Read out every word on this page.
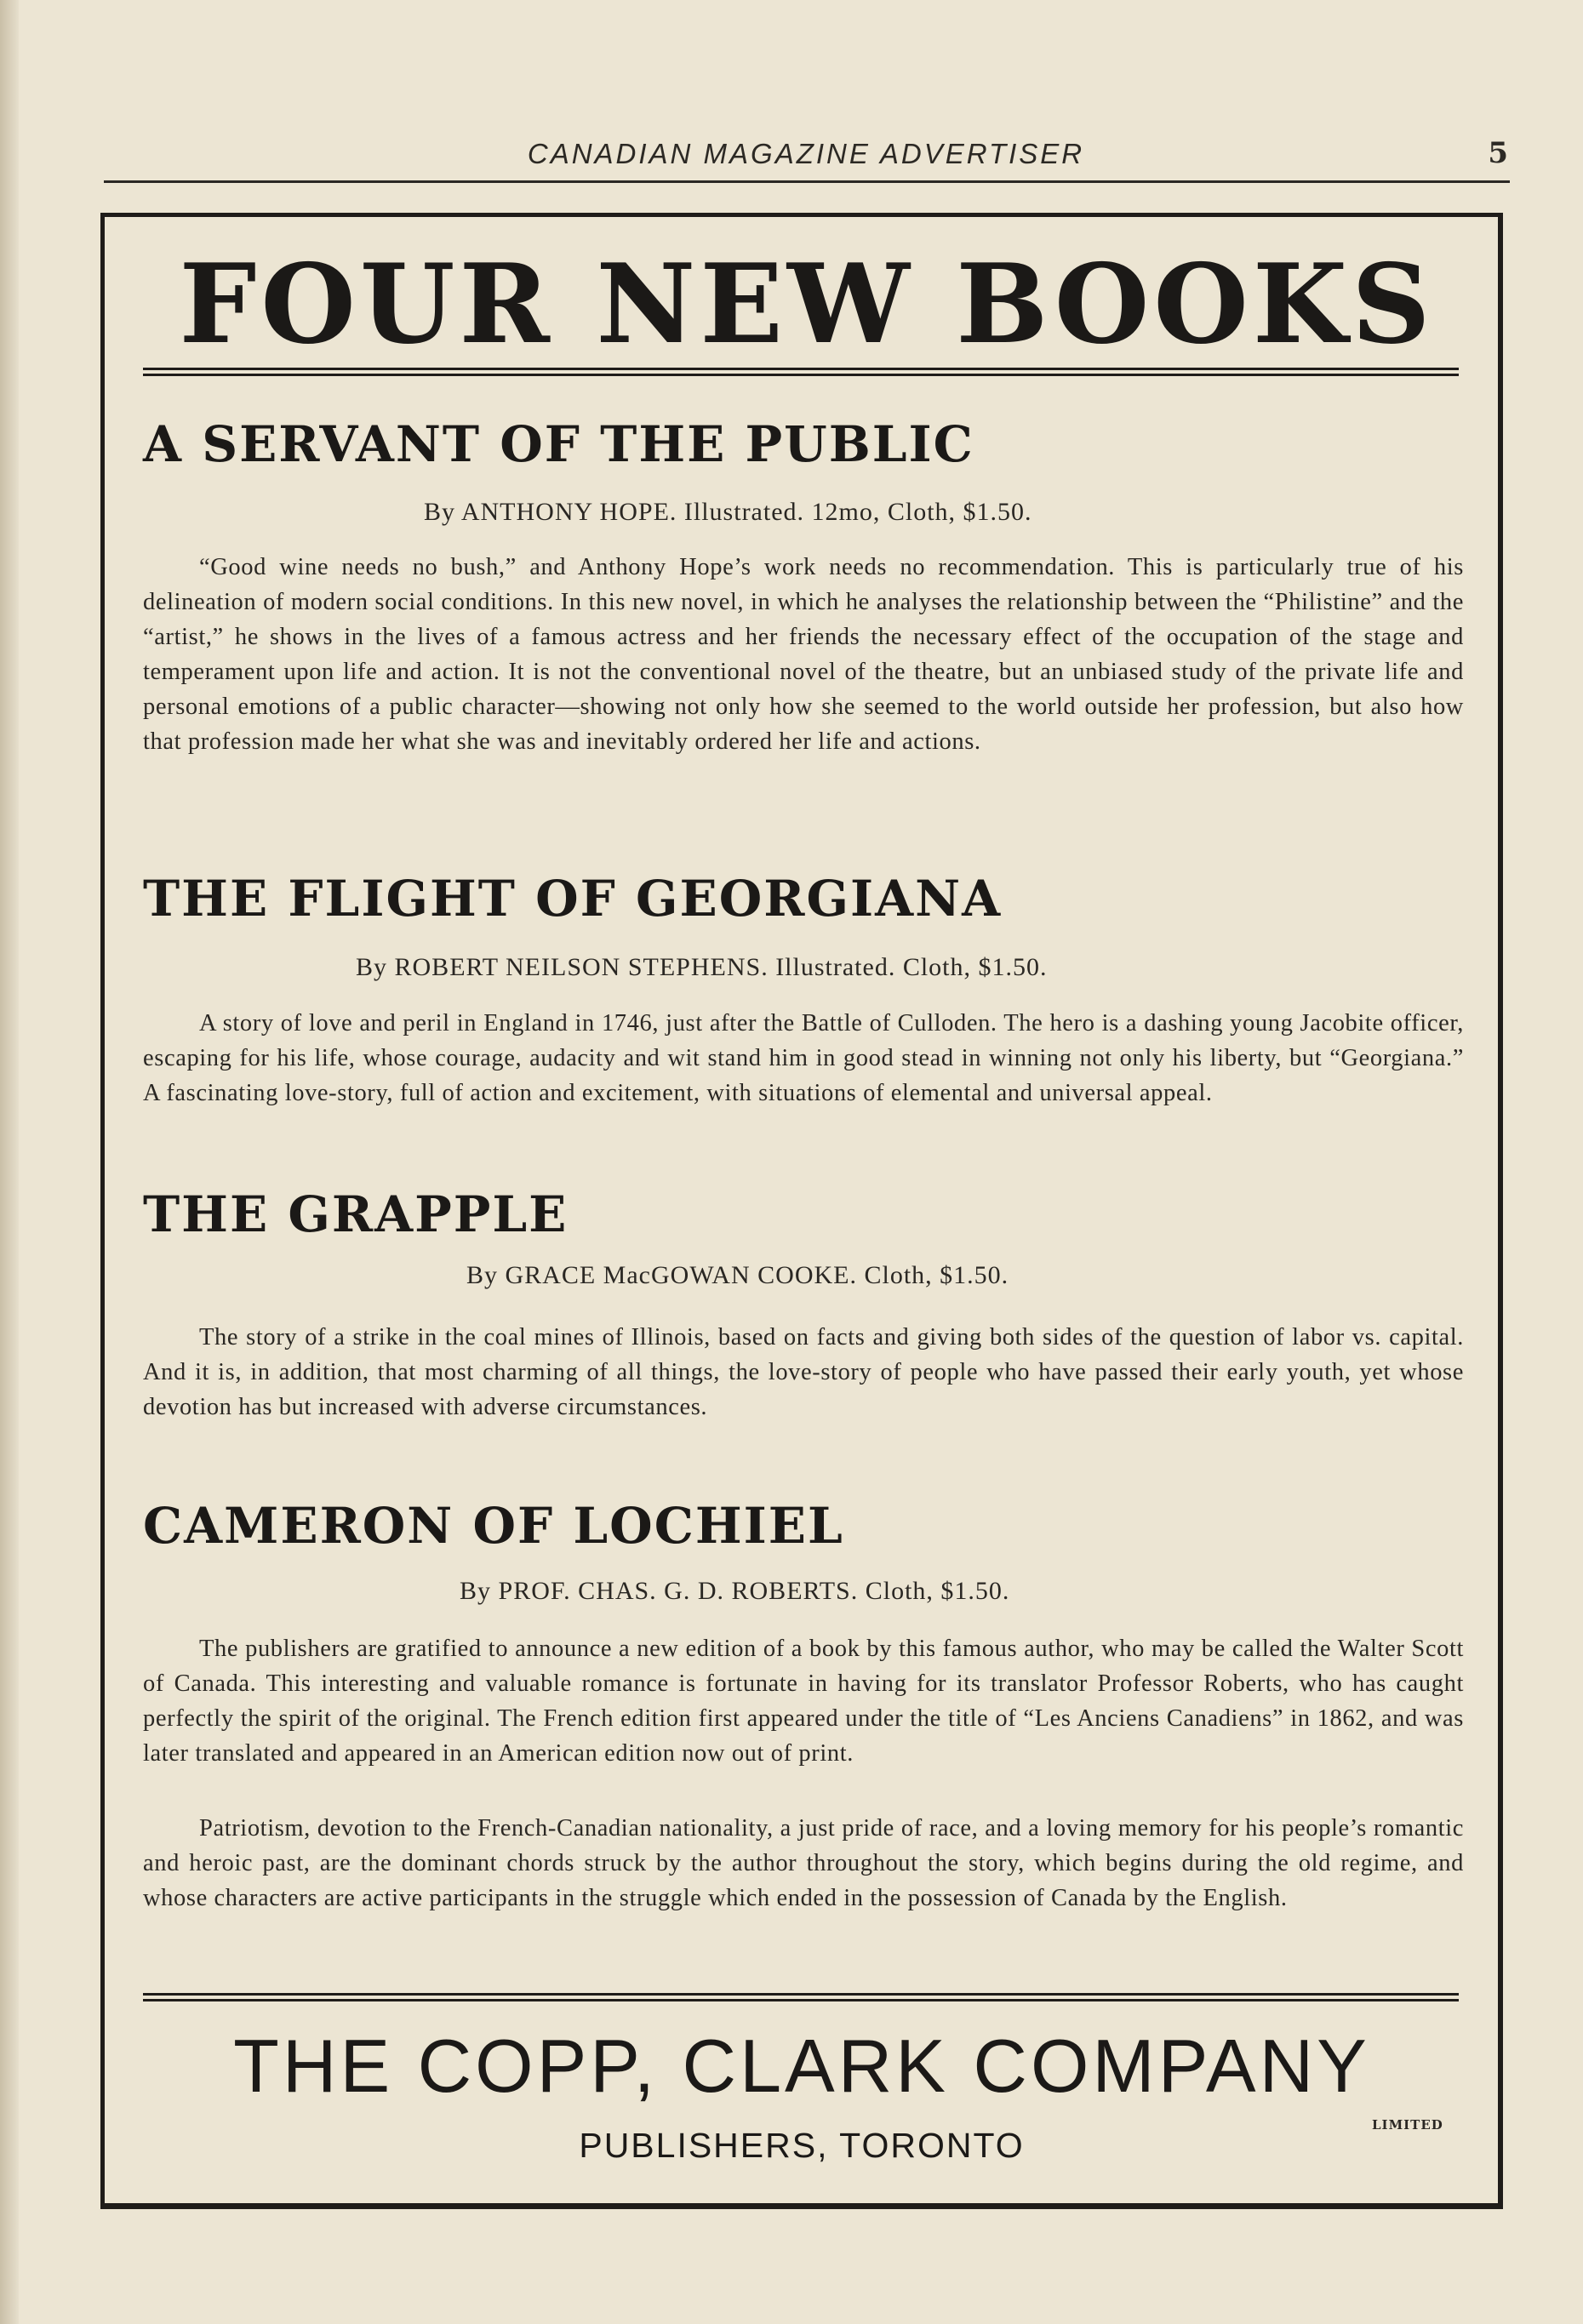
CANADIAN MAGAZINE ADVERTISER	5
FOUR NEW BOOKS
A SERVANT OF THE PUBLIC
By ANTHONY HOPE. Illustrated. 12mo, Cloth, $1.50.

“Good wine needs no bush,” and Anthony Hope’s work needs no recommendation. This is particularly true of his delineation of modern social conditions. In this new novel, in which he analyses the relationship between the “Philistine” and the “artist,” he shows in the lives of a famous actress and her friends the necessary effect of the occupation of the stage and temperament upon life and action. It is not the conventional novel of the theatre, but an unbiased study of the private life and personal emotions of a public character—showing not only how she seemed to the world outside her profession, but also how that profession made her what she was and inevitably ordered her life and actions.

THE FLIGHT OF GEORGIANA
By ROBERT NEILSON STEPHENS. Illustrated. Cloth, $1.50.

A story of love and peril in England in 1746, just after the Battle of Culloden. The hero is a dashing young Jacobite officer, escaping for his life, whose courage, audacity and wit stand him in good stead in winning not only his liberty, but “Georgiana.” A fascinating love-story, full of action and excitement, with situations of elemental and universal appeal.

THE GRAPPLE
By GRACE MacGOWAN COOKE. Cloth, $1.50.

The story of a strike in the coal mines of Illinois, based on facts and giving both sides of the question of labor vs. capital. And it is, in addition, that most charming of all things, the love-story of people who have passed their early youth, yet whose devotion has but increased with adverse circumstances.

CAMERON OF LOCHIEL
By PROF. CHAS. G. D. ROBERTS. Cloth, $1.50.

The publishers are gratified to announce a new edition of a book by this famous author, who may be called the Walter Scott of Canada. This interesting and valuable romance is fortunate in having for its translator Professor Roberts, who has caught perfectly the spirit of the original. The French edition first appeared under the title of “Les Anciens Canadiens” in 1862, and was later translated and appeared in an American edition now out of print.

Patriotism, devotion to the French-Canadian nationality, a just pride of race, and a loving memory for his people’s romantic and heroic past, are the dominant chords struck by the author throughout the story, which begins during the old regime, and whose characters are active participants in the struggle which ended in the possession of Canada by the English.

THE COPP, CLARK COMPANY
LIMITED
PUBLISHERS, TORONTO
